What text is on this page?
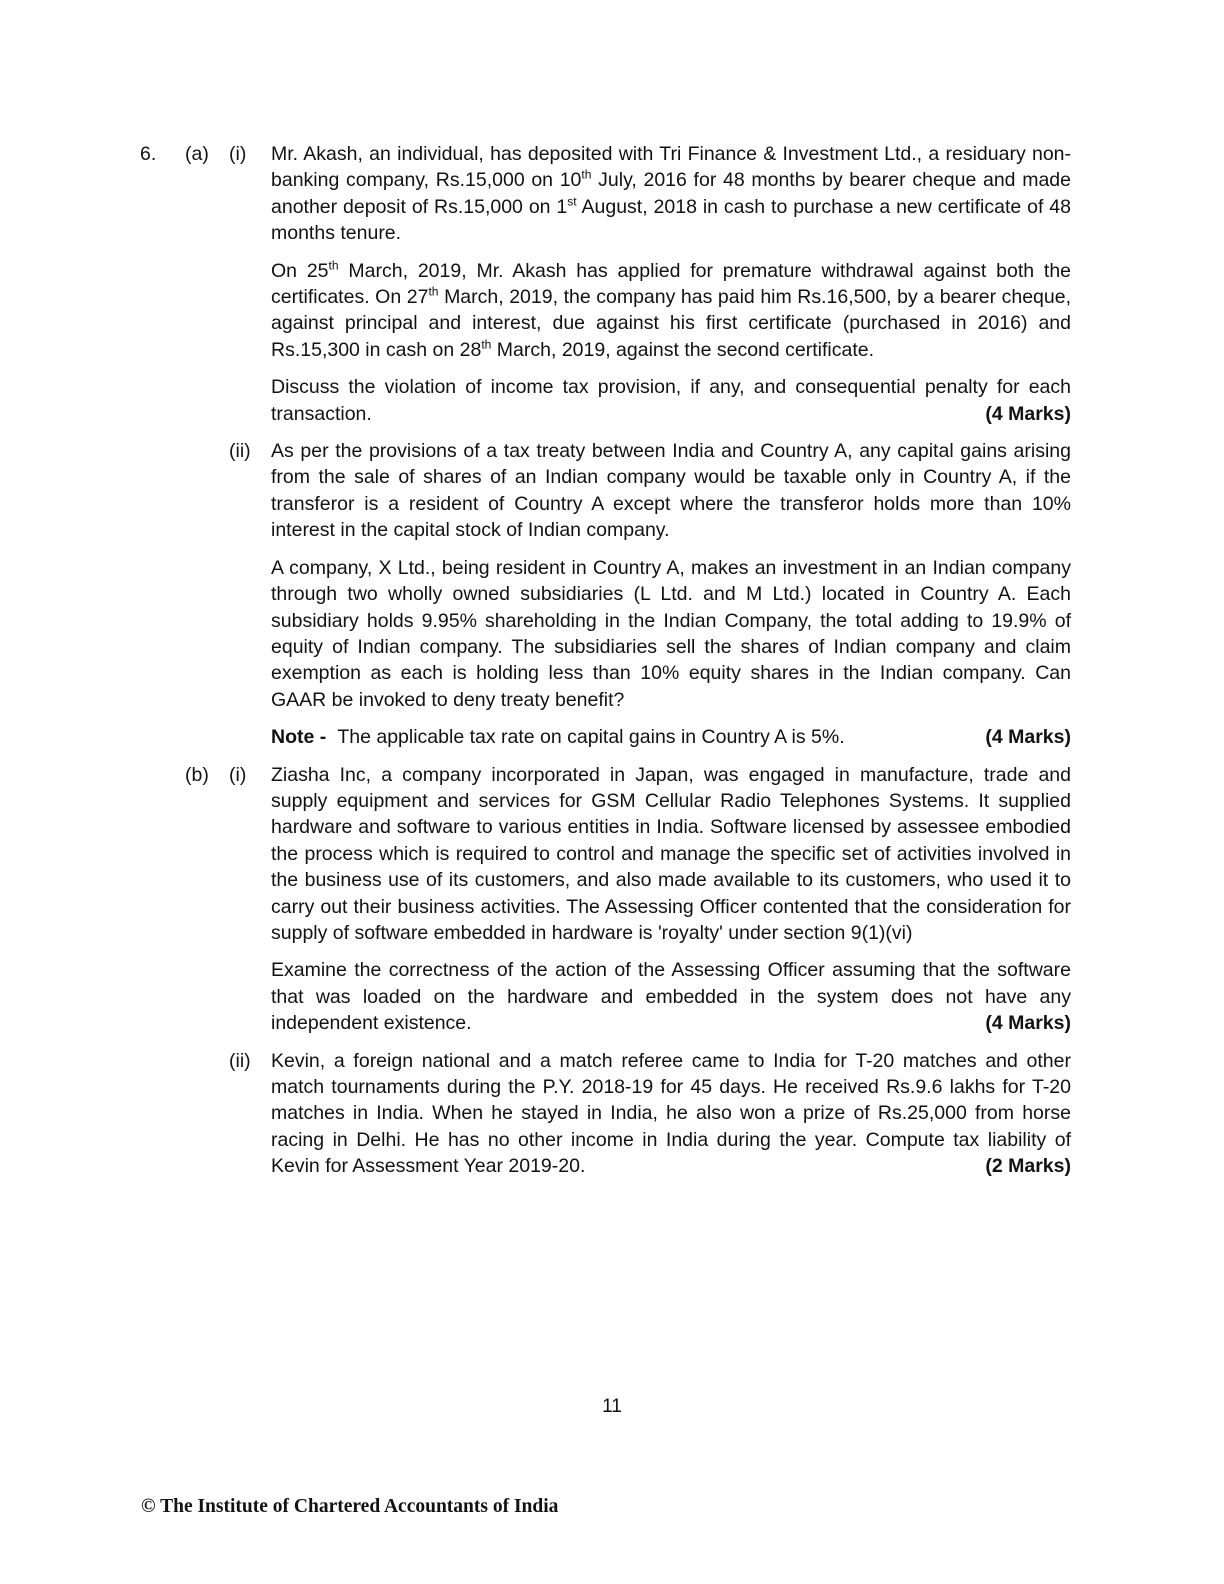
6.	(a)	(i)	Mr. Akash, an individual, has deposited with Tri Finance & Investment Ltd., a residuary non-banking company, Rs.15,000 on 10th July, 2016 for 48 months by bearer cheque and made another deposit of Rs.15,000 on 1st August, 2018 in cash to purchase a new certificate of 48 months tenure.

On 25th March, 2019, Mr. Akash has applied for premature withdrawal against both the certificates. On 27th March, 2019, the company has paid him Rs.16,500, by a bearer cheque, against principal and interest, due against his first certificate (purchased in 2016) and Rs.15,300 in cash on 28th March, 2019, against the second certificate.

Discuss the violation of income tax provision, if any, and consequential penalty for each transaction.	(4 Marks)

(ii)	As per the provisions of a tax treaty between India and Country A, any capital gains arising from the sale of shares of an Indian company would be taxable only in Country A, if the transferor is a resident of Country A except where the transferor holds more than 10% interest in the capital stock of Indian company.

A company, X Ltd., being resident in Country A, makes an investment in an Indian company through two wholly owned subsidiaries (L Ltd. and M Ltd.) located in Country A. Each subsidiary holds 9.95% shareholding in the Indian Company, the total adding to 19.9% of equity of Indian company. The subsidiaries sell the shares of Indian company and claim exemption as each is holding less than 10% equity shares in the Indian company. Can GAAR be invoked to deny treaty benefit?

Note - The applicable tax rate on capital gains in Country A is 5%.	(4 Marks)

(b)	(i)	Ziasha Inc, a company incorporated in Japan, was engaged in manufacture, trade and supply equipment and services for GSM Cellular Radio Telephones Systems. It supplied hardware and software to various entities in India. Software licensed by assessee embodied the process which is required to control and manage the specific set of activities involved in the business use of its customers, and also made available to its customers, who used it to carry out their business activities. The Assessing Officer contented that the consideration for supply of software embedded in hardware is 'royalty' under section 9(1)(vi)

Examine the correctness of the action of the Assessing Officer assuming that the software that was loaded on the hardware and embedded in the system does not have any independent existence.	(4 Marks)

(ii)	Kevin, a foreign national and a match referee came to India for T-20 matches and other match tournaments during the P.Y. 2018-19 for 45 days. He received Rs.9.6 lakhs for T-20 matches in India. When he stayed in India, he also won a prize of Rs.25,000 from horse racing in Delhi. He has no other income in India during the year. Compute tax liability of Kevin for Assessment Year 2019-20.	(2 Marks)

11
© The Institute of Chartered Accountants of India
